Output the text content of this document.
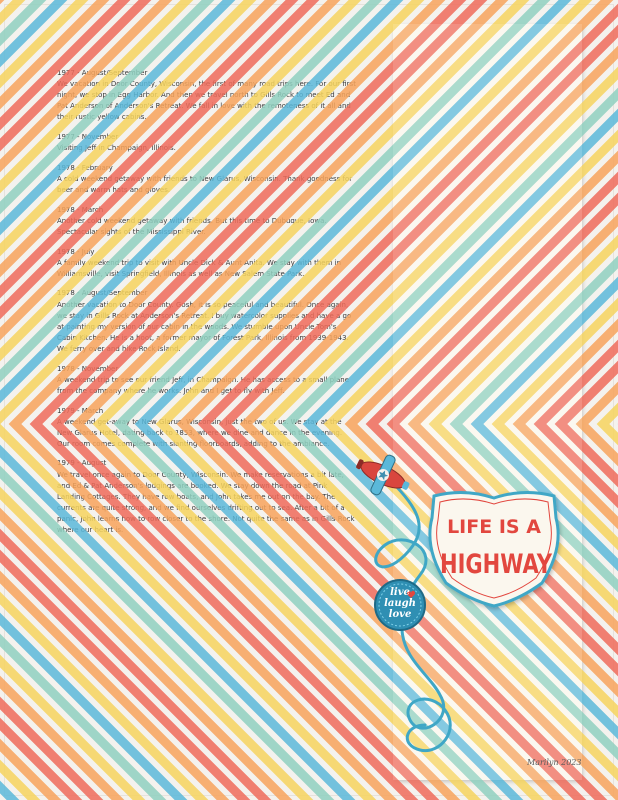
1977 - August/September
We vacation in Door County, Wisconsin, the first of many road trips here. For our first night, we stop in Egg Harbor. And then we travel north to Gills Rock to meet Ed and Pat Anderson of Anderson's Retreat. We fall in love with the remoteness of it all and their rustic yellow cabins.
1977 - November
Visiting Jeff in Champaign, Illinois.
1978 - February
A cold weekend getaway with friends to New Glarus, Wisconsin. Thank goodness for beer and warm hats and gloves.
1978 - March
Another cold weekend getaway with friends. But this time to Dubuque, Iowa. Spectacular sights of the Mississippi River.
1978 - July
A family weekend trip to visit with Uncle Dick & Aunt Anita. We stay with them in Williamsville, visit Springfield, Illinois as well as New Salem State Park.
1978 - August/September
Another vacation to Door County. Gosh, it is so peaceful and beautiful. Once again, we stay in Gills Rock at Anderson's Retreat. I buy watercolor supplies and have a go at painting my version of our cabin in the woods. We stumble upon Uncle Tom's Cabin Kitchen. He is a hoot, a former mayor of Forest Park, Illinois from 1939-1943. We ferry over and hike Rock Island.
1978 - November
A weekend trip to see our friend Jeff, in Champaign. He has access to a small plane from the company where he works. John and I get to fly with Jeff.
1979 - March
A weekend get-away to New Glarus, Wisconsin, just the two of us. We stay at the New Glarus Hotel, dating back to 1853, where we dine and dance in the evening. Our room comes complete with slanting floorboards, adding to the ambiance.
1979 - August
We travel once again to Door County, Wisconsin. We make reservations a bit late, and Ed & Pat Anderson's lodgings are booked. We stay down the road at Pink Landing Cottages. They have row boats, and John takes me out on the bay. The currents are quite strong, and we find ourselves drifting out to sea. After a bit of a panic, John learns how to row closer to the shore. Not quite the same as in Gills Rock where our heart is.	LIFE IS A
HIGHWAY
live
laugh
love
Marilyn 2023
